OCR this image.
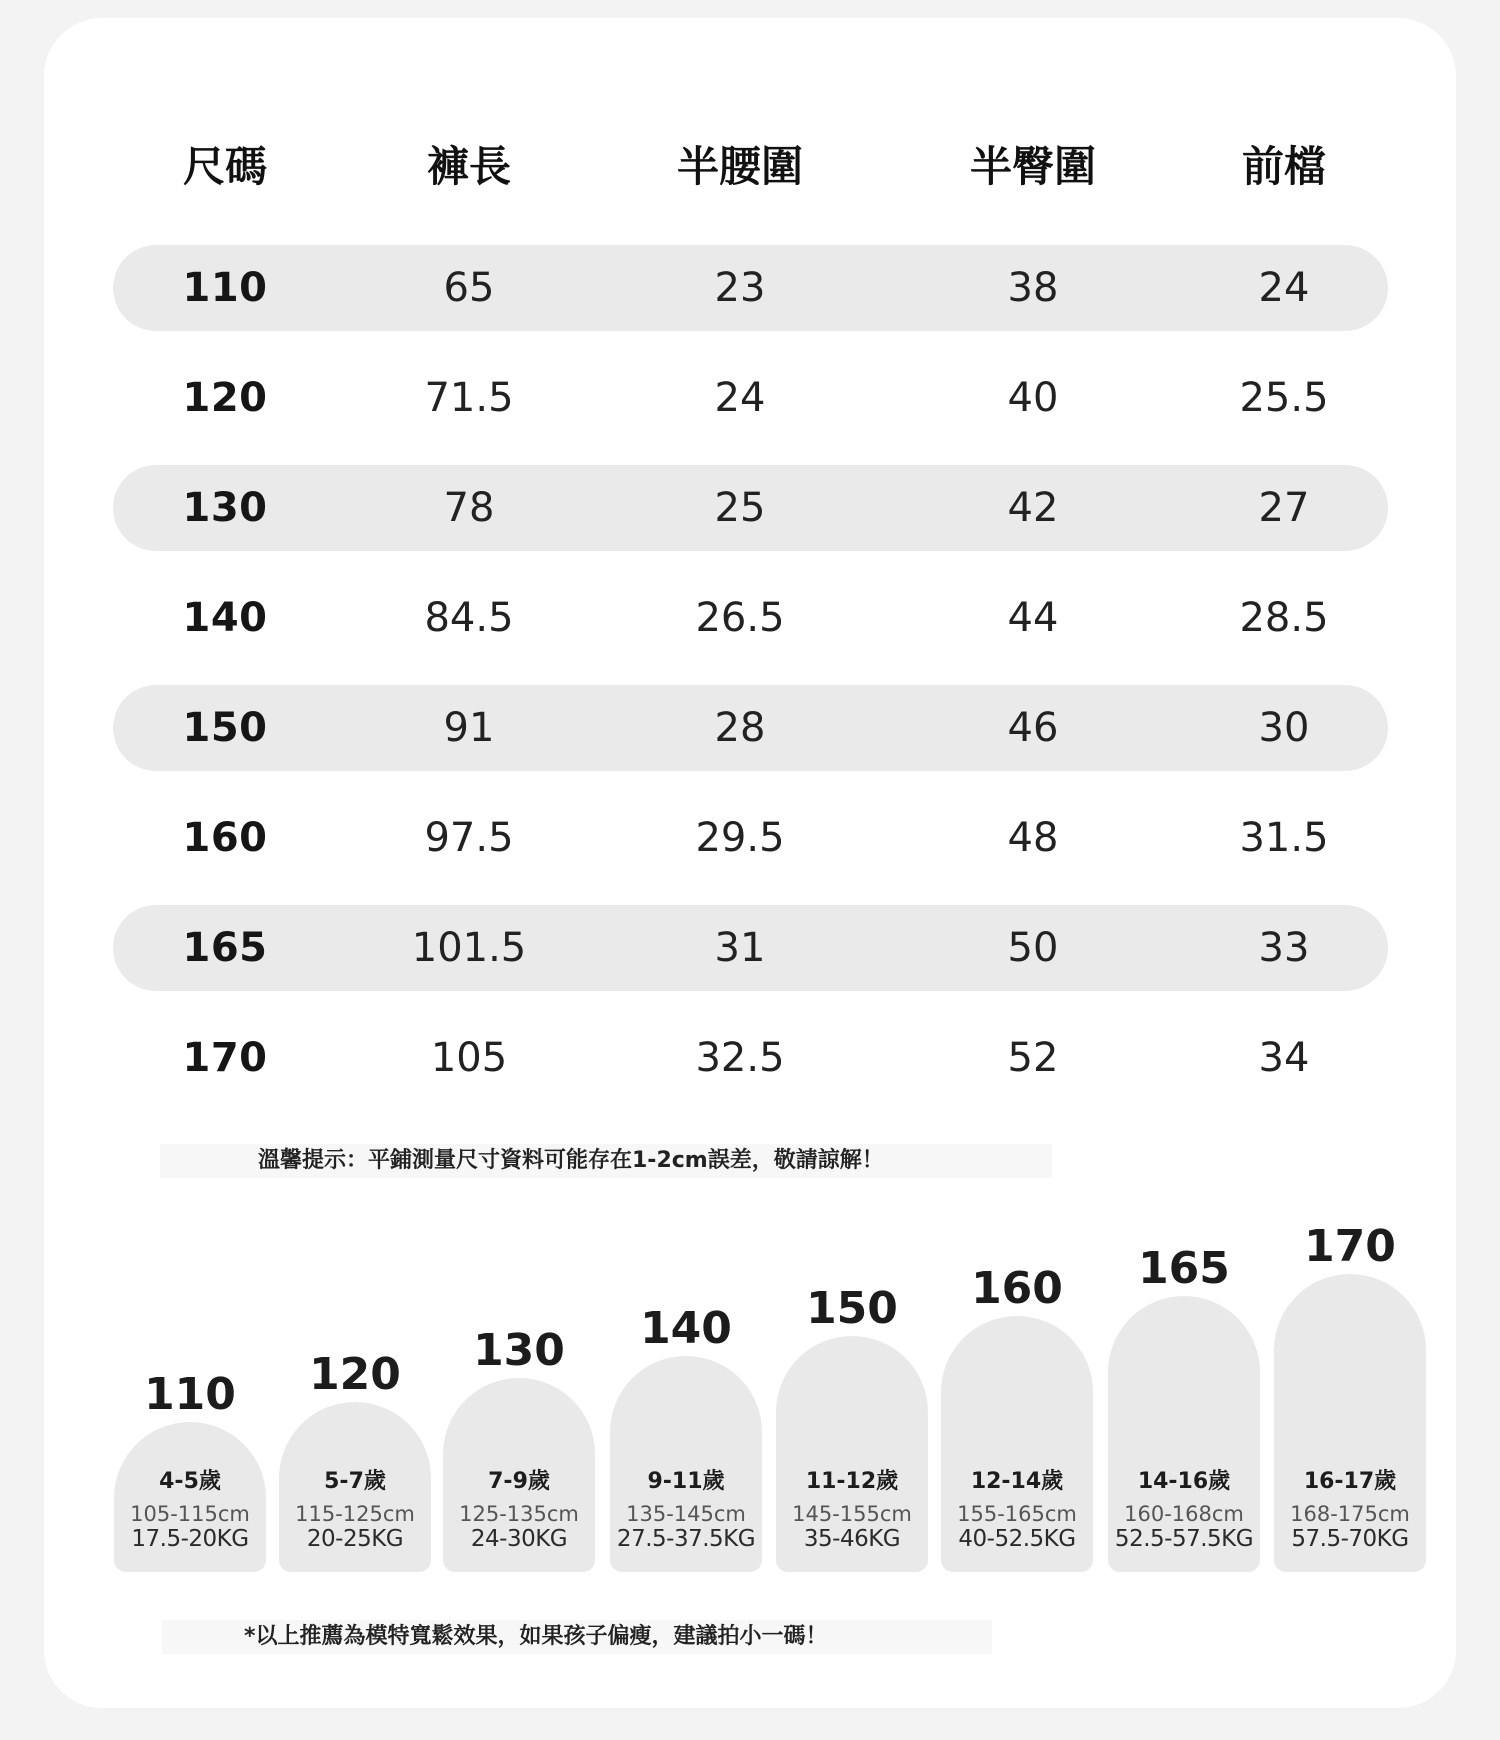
尺碼	褲長	半腰圍	半臀圍	前檔
110	65	23	38	24
120	71.5	24	40	25.5
130	78	25	42	27
140	84.5	26.5	44	28.5
150	91	28	46	30
160	97.5	29.5	48	31.5
165	101.5	31	50	33
170	105	32.5	52	34
溫馨提示：平鋪測量尺寸資料可能存在1-2cm誤差，敬請諒解！
110
4-5歲
105-115cm
17.5-20KG
120
5-7歲
115-125cm
20-25KG
130
7-9歲
125-135cm
24-30KG
140
9-11歲
135-145cm
27.5-37.5KG
150
11-12歲
145-155cm
35-46KG
160
12-14歲
155-165cm
40-52.5KG
165
14-16歲
160-168cm
52.5-57.5KG
170
16-17歲
168-175cm
57.5-70KG
*以上推薦為模特寬鬆效果，如果孩子偏瘦，建議拍小一碼！
